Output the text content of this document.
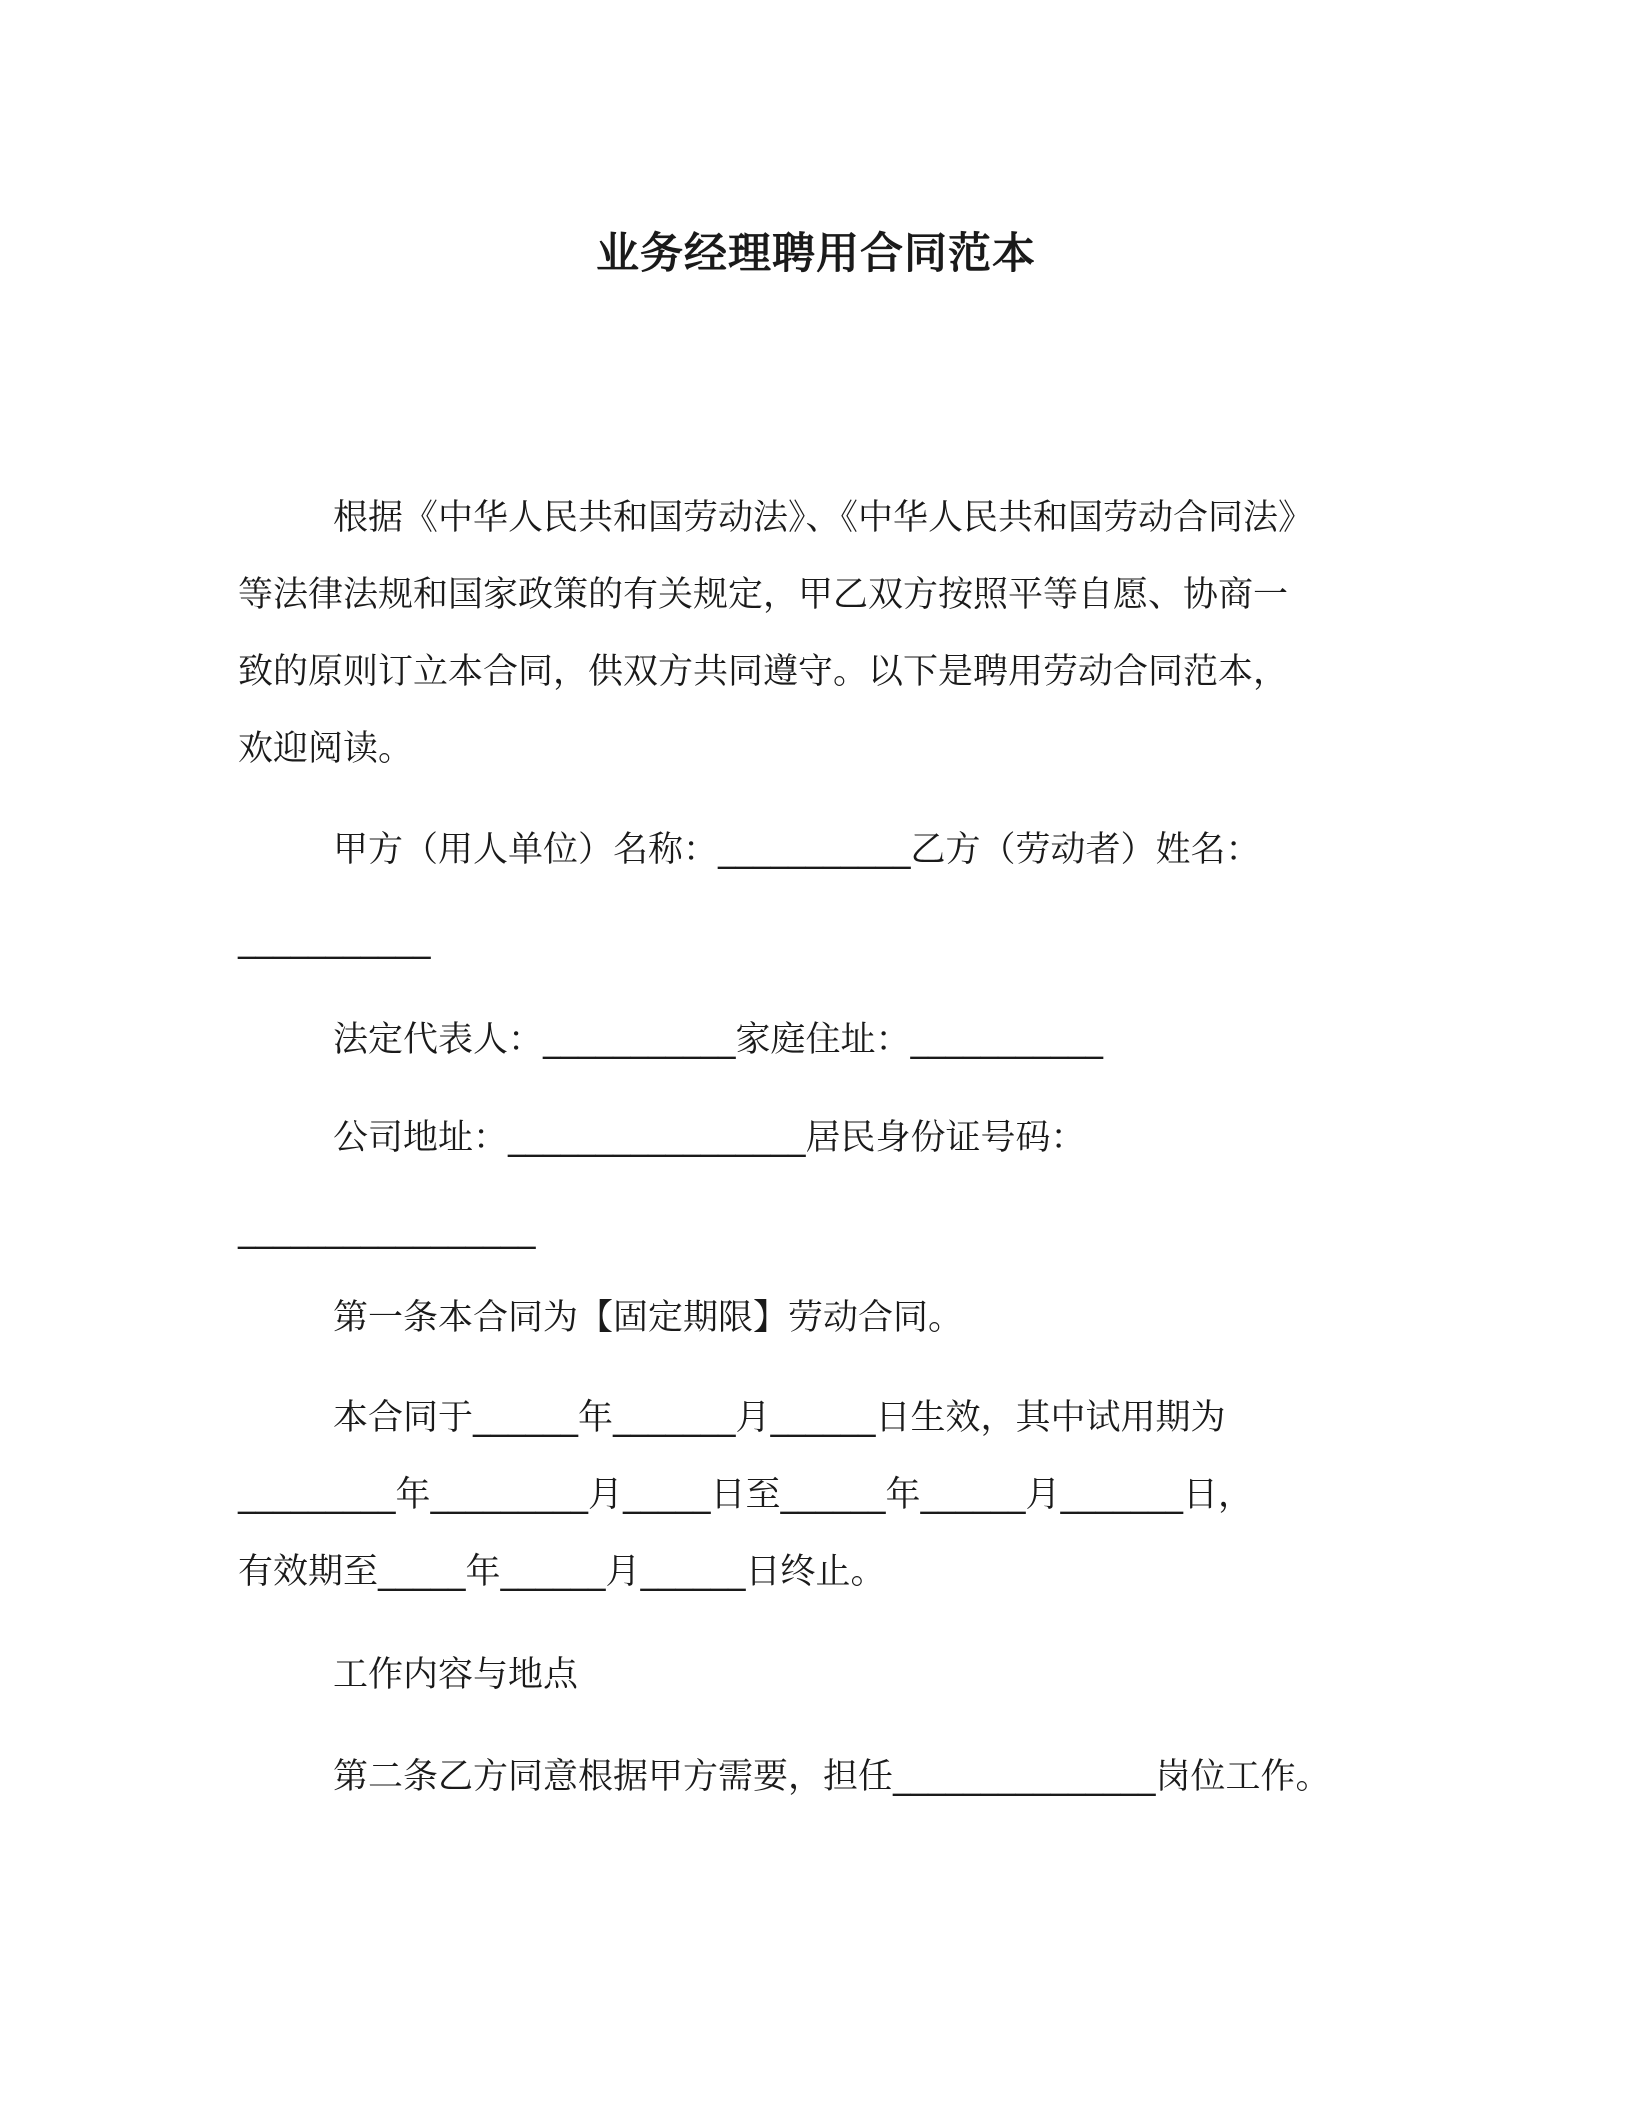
业务经理聘用合同范本
根据《中华人民共和国劳动法》、《中华人民共和国劳动合同法》
等法律法规和国家政策的有关规定，甲乙双方按照平等自愿、协商一
致的原则订立本合同，供双方共同遵守。以下是聘用劳动合同范本，
欢迎阅读。
甲方（用人单位）名称：___________乙方（劳动者）姓名：
___________
法定代表人：___________家庭住址：___________
公司地址：_________________居民身份证号码：
_________________
第一条本合同为【固定期限】劳动合同。
本合同于______年_______月______日生效，其中试用期为
_________年_________月_____日至______年______月_______日，
有效期至_____年______月______日终止。
工作内容与地点
第二条乙方同意根据甲方需要，担任_______________岗位工作。
